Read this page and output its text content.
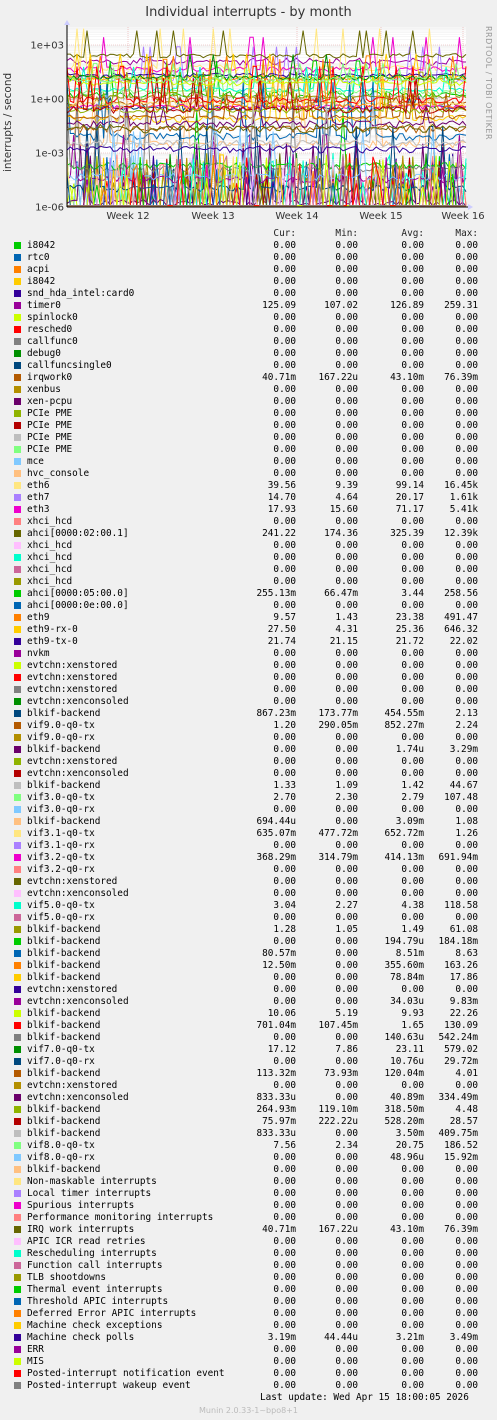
Individual interrupts - by month
RRDTOOL / TOBI OETIKER
interrupts / second
1e-06
1e-03
1e+00
1e+03
Week 12	Week 13	Week 14	Week 15	Week 16
Cur:	Min:	Avg:	Max:
i8042	0.00	0.00	0.00	0.00
rtc0	0.00	0.00	0.00	0.00
acpi	0.00	0.00	0.00	0.00
i8042	0.00	0.00	0.00	0.00
snd_hda_intel:card0	0.00	0.00	0.00	0.00
timer0	125.09	107.02	126.89	259.31
spinlock0	0.00	0.00	0.00	0.00
resched0	0.00	0.00	0.00	0.00
callfunc0	0.00	0.00	0.00	0.00
debug0	0.00	0.00	0.00	0.00
callfuncsingle0	0.00	0.00	0.00	0.00
irqwork0	40.71m	167.22u	43.10m	76.39m
xenbus	0.00	0.00	0.00	0.00
xen-pcpu	0.00	0.00	0.00	0.00
PCIe PME	0.00	0.00	0.00	0.00
PCIe PME	0.00	0.00	0.00	0.00
PCIe PME	0.00	0.00	0.00	0.00
PCIe PME	0.00	0.00	0.00	0.00
mce	0.00	0.00	0.00	0.00
hvc_console	0.00	0.00	0.00	0.00
eth6	39.56	9.39	99.14	16.45k
eth7	14.70	4.64	20.17	1.61k
eth3	17.93	15.60	71.17	5.41k
xhci_hcd	0.00	0.00	0.00	0.00
ahci[0000:02:00.1]	241.22	174.36	325.39	12.39k
xhci_hcd	0.00	0.00	0.00	0.00
xhci_hcd	0.00	0.00	0.00	0.00
xhci_hcd	0.00	0.00	0.00	0.00
xhci_hcd	0.00	0.00	0.00	0.00
ahci[0000:05:00.0]	255.13m	66.47m	3.44	258.56
ahci[0000:0e:00.0]	0.00	0.00	0.00	0.00
eth9	9.57	1.43	23.38	491.47
eth9-rx-0	27.50	4.31	25.36	646.32
eth9-tx-0	21.74	21.15	21.72	22.02
nvkm	0.00	0.00	0.00	0.00
evtchn:xenstored	0.00	0.00	0.00	0.00
evtchn:xenstored	0.00	0.00	0.00	0.00
evtchn:xenstored	0.00	0.00	0.00	0.00
evtchn:xenconsoled	0.00	0.00	0.00	0.00
blkif-backend	867.23m	173.77m	454.55m	2.13
vif9.0-q0-tx	1.20	290.05m	852.27m	2.24
vif9.0-q0-rx	0.00	0.00	0.00	0.00
blkif-backend	0.00	0.00	1.74u	3.29m
evtchn:xenstored	0.00	0.00	0.00	0.00
evtchn:xenconsoled	0.00	0.00	0.00	0.00
blkif-backend	1.33	1.09	1.42	44.67
vif3.0-q0-tx	2.70	2.30	2.79	107.48
vif3.0-q0-rx	0.00	0.00	0.00	0.00
blkif-backend	694.44u	0.00	3.09m	1.08
vif3.1-q0-tx	635.07m	477.72m	652.72m	1.26
vif3.1-q0-rx	0.00	0.00	0.00	0.00
vif3.2-q0-tx	368.29m	314.79m	414.13m	691.94m
vif3.2-q0-rx	0.00	0.00	0.00	0.00
evtchn:xenstored	0.00	0.00	0.00	0.00
evtchn:xenconsoled	0.00	0.00	0.00	0.00
vif5.0-q0-tx	3.04	2.27	4.38	118.58
vif5.0-q0-rx	0.00	0.00	0.00	0.00
blkif-backend	1.28	1.05	1.49	61.08
blkif-backend	0.00	0.00	194.79u	184.18m
blkif-backend	80.57m	0.00	8.51m	8.63
blkif-backend	12.50m	0.00	355.60m	163.26
blkif-backend	0.00	0.00	78.84m	17.86
evtchn:xenstored	0.00	0.00	0.00	0.00
evtchn:xenconsoled	0.00	0.00	34.03u	9.83m
blkif-backend	10.06	5.19	9.93	22.26
blkif-backend	701.04m	107.45m	1.65	130.09
blkif-backend	0.00	0.00	140.63u	542.24m
vif7.0-q0-tx	17.12	7.86	23.11	579.02
vif7.0-q0-rx	0.00	0.00	10.76u	29.72m
blkif-backend	113.32m	73.93m	120.04m	4.01
evtchn:xenstored	0.00	0.00	0.00	0.00
evtchn:xenconsoled	833.33u	0.00	40.89m	334.49m
blkif-backend	264.93m	119.10m	318.50m	4.48
blkif-backend	75.97m	222.22u	528.20m	28.57
blkif-backend	833.33u	0.00	3.50m	409.75m
vif8.0-q0-tx	7.56	2.34	20.75	186.52
vif8.0-q0-rx	0.00	0.00	48.96u	15.92m
blkif-backend	0.00	0.00	0.00	0.00
Non-maskable interrupts	0.00	0.00	0.00	0.00
Local timer interrupts	0.00	0.00	0.00	0.00
Spurious interrupts	0.00	0.00	0.00	0.00
Performance monitoring interrupts	0.00	0.00	0.00	0.00
IRQ work interrupts	40.71m	167.22u	43.10m	76.39m
APIC ICR read retries	0.00	0.00	0.00	0.00
Rescheduling interrupts	0.00	0.00	0.00	0.00
Function call interrupts	0.00	0.00	0.00	0.00
TLB shootdowns	0.00	0.00	0.00	0.00
Thermal event interrupts	0.00	0.00	0.00	0.00
Threshold APIC interrupts	0.00	0.00	0.00	0.00
Deferred Error APIC interrupts	0.00	0.00	0.00	0.00
Machine check exceptions	0.00	0.00	0.00	0.00
Machine check polls	3.19m	44.44u	3.21m	3.49m
ERR	0.00	0.00	0.00	0.00
MIS	0.00	0.00	0.00	0.00
Posted-interrupt notification event	0.00	0.00	0.00	0.00
Posted-interrupt wakeup event	0.00	0.00	0.00	0.00
Last update: Wed Apr 15 18:00:05 2026
Munin 2.0.33-1~bpo8+1
